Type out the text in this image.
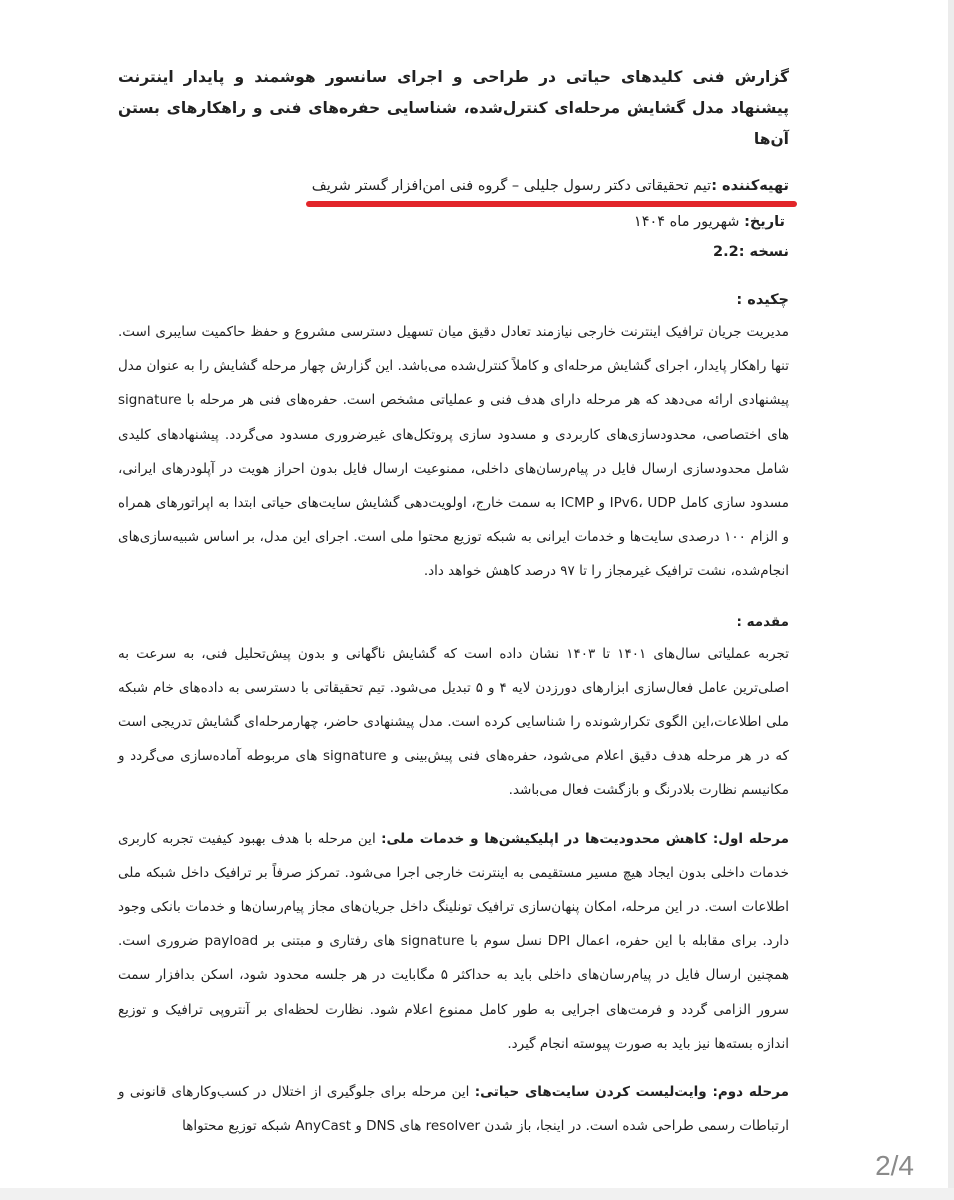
گزارش فنی کلیدهای حیاتی در طراحی و اجرای سانسور هوشمند و پایدار اینترنت پیشنهاد مدل گشایش مرحله‌ای کنترل‌شده، شناسایی حفره‌های فنی و راهکارهای بستن آن‌ها

تهیه‌کننده :تیم تحقیقاتی دکتر رسول جلیلی – گروه فنی امن‌افزار گستر شریف

تاریخ: شهریور ماه ۱۴۰۴

نسخه :2.2

چکیده :

مدیریت جریان ترافیک اینترنت خارجی نیازمند تعادل دقیق میان تسهیل دسترسی مشروع و حفظ حاکمیت سایبری است. تنها راهکار پایدار، اجرای گشایش مرحله‌ای و کاملاً کنترل‌شده می‌باشد. این گزارش چهار مرحله گشایش را به عنوان مدل پیشنهادی ارائه می‌دهد که هر مرحله دارای هدف فنی و عملیاتی مشخص است. حفره‌های فنی هر مرحله با signature های اختصاصی، محدودسازی‌های کاربردی و مسدود سازی پروتکل‌های غیرضروری مسدود می‌گردد. پیشنهادهای کلیدی شامل محدودسازی ارسال فایل در پیام‌رسان‌های داخلی، ممنوعیت ارسال فایل بدون احراز هویت در آپلودرهای ایرانی، مسدود سازی کامل IPv6، UDP و ICMP به سمت خارج، اولویت‌دهی گشایش سایت‌های حیاتی ابتدا به اپراتورهای همراه و الزام ۱۰۰ درصدی سایت‌ها و خدمات ایرانی به شبکه توزیع محتوا ملی است. اجرای این مدل، بر اساس شبیه‌سازی‌های انجام‌شده، نشت ترافیک غیرمجاز را تا ۹۷ درصد کاهش خواهد داد.

مقدمه :

تجربه عملیاتی سال‌های ۱۴۰۱ تا ۱۴۰۳ نشان داده است که گشایش ناگهانی و بدون پیش‌تحلیل فنی، به سرعت به اصلی‌ترین عامل فعال‌سازی ابزارهای دورزدن لایه ۴ و ۵ تبدیل می‌شود. تیم تحقیقاتی با دسترسی به داده‌های خام شبکه ملی اطلاعات،این الگوی تکرارشونده را شناسایی کرده است. مدل پیشنهادی حاضر، چهارمرحله‌ای گشایش تدریجی است که در هر مرحله هدف دقیق اعلام می‌شود، حفره‌های فنی پیش‌بینی و signature های مربوطه آماده‌سازی می‌گردد و مکانیسم نظارت بلادرنگ و بازگشت فعال می‌باشد.

مرحله اول: کاهش محدودیت‌ها در اپلیکیشن‌ها و خدمات ملی: این مرحله با هدف بهبود کیفیت تجربه کاربری خدمات داخلی بدون ایجاد هیچ مسیر مستقیمی به اینترنت خارجی اجرا می‌شود. تمرکز صرفاً بر ترافیک داخل شبکه ملی اطلاعات است. در این مرحله، امکان پنهان‌سازی ترافیک تونلینگ داخل جریان‌های مجاز پیام‌رسان‌ها و خدمات بانکی وجود دارد. برای مقابله با این حفره، اعمال DPI نسل سوم با signature های رفتاری و مبتنی بر payload ضروری است. همچنین ارسال فایل در پیام‌رسان‌های داخلی باید به حداکثر ۵ مگابایت در هر جلسه محدود شود، اسکن بدافزار سمت سرور الزامی گردد و فرمت‌های اجرایی به طور کامل ممنوع اعلام شود. نظارت لحظه‌ای بر آنتروپی ترافیک و توزیع اندازه بسته‌ها نیز باید به صورت پیوسته انجام گیرد.

مرحله دوم: وایت‌لیست کردن سایت‌های حیاتی: این مرحله برای جلوگیری از اختلال در کسب‌وکارهای قانونی و ارتباطات رسمی طراحی شده است. در اینجا، باز شدن resolver های DNS و AnyCast شبکه توزیع محتواها

2/4
